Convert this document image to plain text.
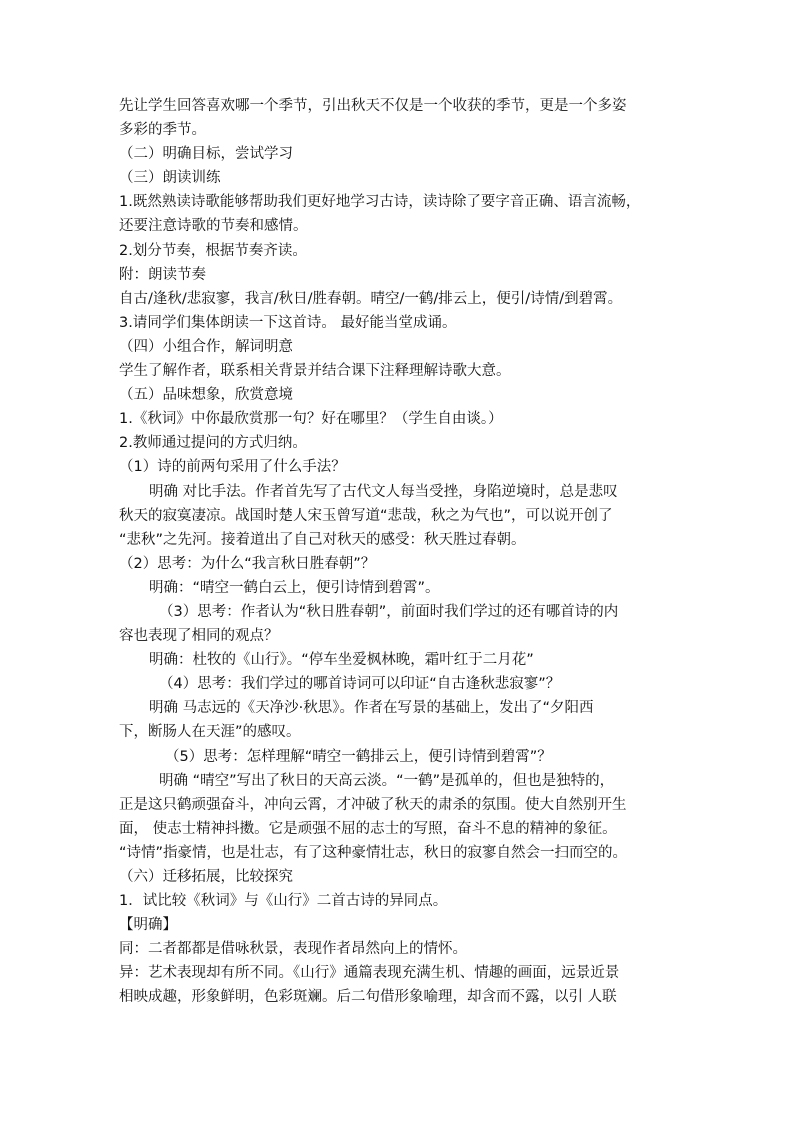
先让学生回答喜欢哪一个季节，引出秋天不仅是一个收获的季节，更是一个多姿
多彩的季节。
（二）明确目标，尝试学习
（三）朗读训练
1.既然熟读诗歌能够帮助我们更好地学习古诗，读诗除了要字音正确、语言流畅，
还要注意诗歌的节奏和感情。
2.划分节奏，根据节奏齐读。
附：朗读节奏
自古/逢秋/悲寂寥，我言/秋日/胜春朝。晴空/一鹤/排云上，便引/诗情/到碧霄。
3.请同学们集体朗读一下这首诗。 最好能当堂成诵。
（四）小组合作，解词明意
学生了解作者，联系相关背景并结合课下注释理解诗歌大意。
（五）品味想象，欣赏意境
1.《秋词》中你最欣赏那一句？好在哪里？（学生自由谈。）
2.教师通过提问的方式归纳。
（1）诗的前两句采用了什么手法？
明确 对比手法。作者首先写了古代文人每当受挫，身陷逆境时，总是悲叹
秋天的寂寞凄凉。战国时楚人宋玉曾写道“悲哉，秋之为气也”，可以说开创了
“悲秋”之先河。接着道出了自己对秋天的感受：秋天胜过春朝。
（2）思考：为什么“我言秋日胜春朝”？
明确：“晴空一鹤白云上，便引诗情到碧霄”。
（3）思考：作者认为“秋日胜春朝”，前面时我们学过的还有哪首诗的内
容也表现了相同的观点？
明确：杜牧的《山行》。“停车坐爱枫林晚，霜叶红于二月花”
（4）思考：我们学过的哪首诗词可以印证“自古逢秋悲寂寥”？
明确 马志远的《天净沙·秋思》。作者在写景的基础上，发出了“夕阳西
下，断肠人在天涯”的感叹。
（5）思考：怎样理解“晴空一鹤排云上，便引诗情到碧霄”？
明确 “晴空”写出了秋日的天高云淡。“一鹤”是孤单的，但也是独特的，
正是这只鹤顽强奋斗，冲向云霄，才冲破了秋天的肃杀的氛围。使大自然别开生
面， 使志士精神抖擞。它是顽强不屈的志士的写照，奋斗不息的精神的象征。
“诗情”指豪情，也是壮志，有了这种豪情壮志，秋日的寂寥自然会一扫而空的。
（六）迁移拓展，比较探究
1．试比较《秋词》与《山行》二首古诗的异同点。
【明确】
同：二者都都是借咏秋景，表现作者昂然向上的情怀。
异：艺术表现却有所不同。《山行》通篇表现充满生机、情趣的画面，远景近景
相映成趣，形象鲜明，色彩斑斓。后二句借形象喻理，却含而不露，以引 人联
